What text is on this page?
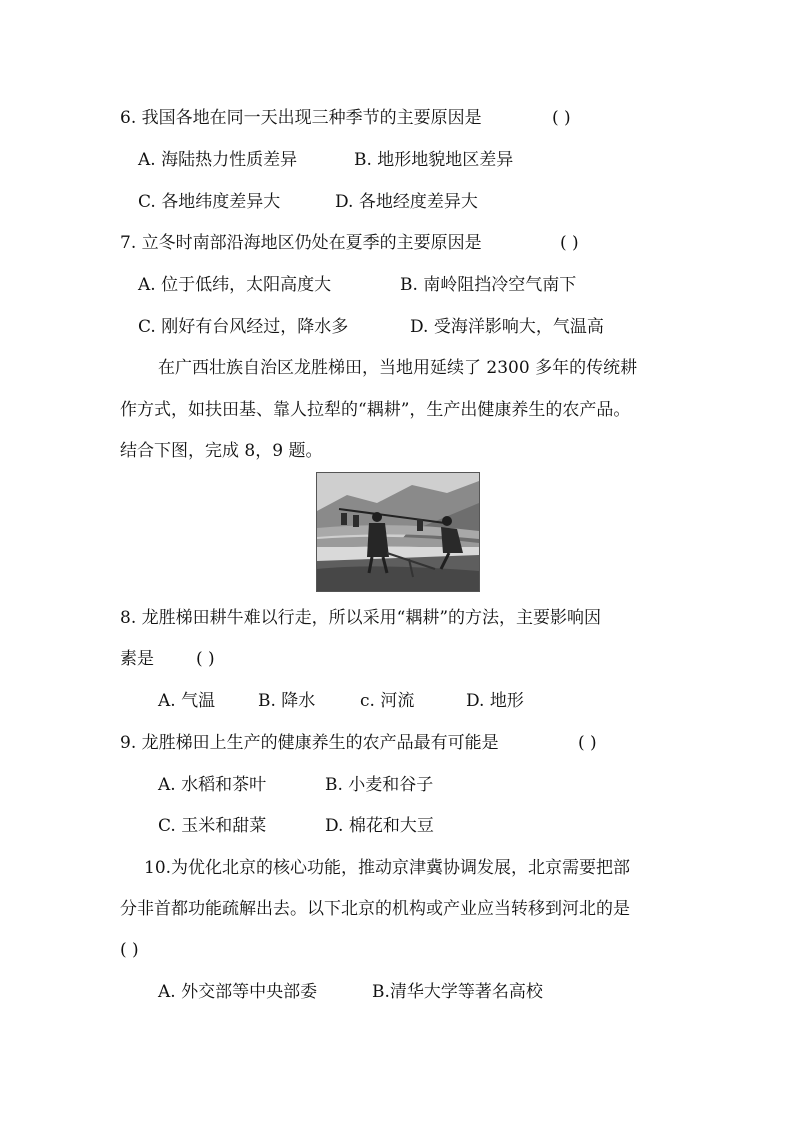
6. 我国各地在同一天出现三种季节的主要原因是	( )
A. 海陆热力性质差异	B. 地形地貌地区差异
C. 各地纬度差异大	D. 各地经度差异大
7. 立冬时南部沿海地区仍处在夏季的主要原因是	( )
A. 位于低纬，太阳高度大	B. 南岭阻挡冷空气南下
C. 刚好有台风经过，降水多	D. 受海洋影响大，气温高
在广西壮族自治区龙胜梯田，当地用延续了 2300 多年的传统耕
作方式，如扶田基、靠人拉犁的“耦耕”，生产出健康养生的农产品。
结合下图，完成 8，9 题。
8. 龙胜梯田耕牛难以行走，所以采用“耦耕”的方法，主要影响因
素是 ( )
A. 气温	B. 降水	c. 河流	D. 地形
9. 龙胜梯田上生产的健康养生的农产品最有可能是	( )
A. 水稻和茶叶	B. 小麦和谷子
C. 玉米和甜菜	D. 棉花和大豆
10.为优化北京的核心功能，推动京津冀协调发展，北京需要把部
分非首都功能疏解出去。以下北京的机构或产业应当转移到河北的是
( )
A. 外交部等中央部委	B.清华大学等著名高校
